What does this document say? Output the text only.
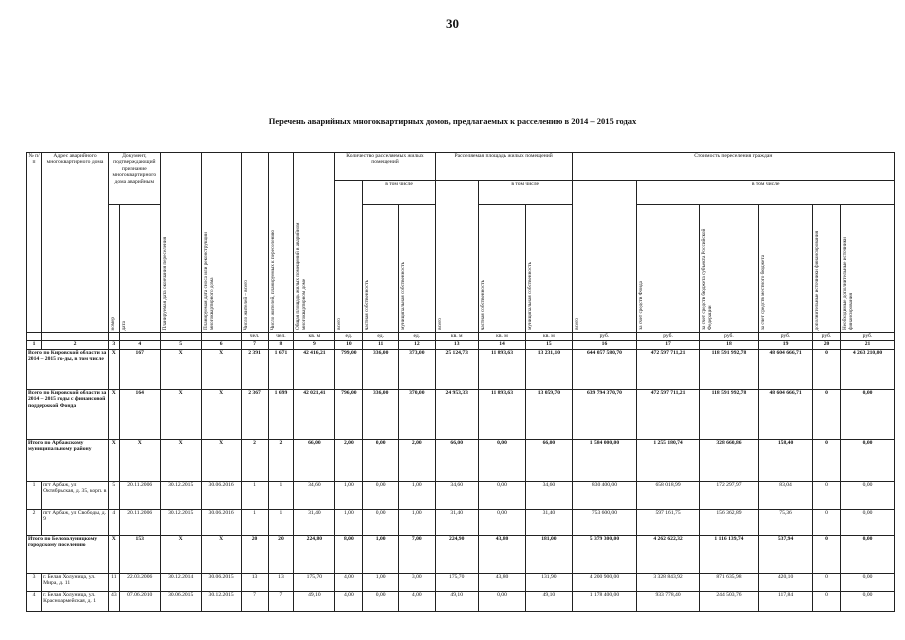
30
Перечень аварийных многоквартирных домов, предлагаемых к расселению в 2014 – 2015 годах
№ п/п	Адрес аварийного многоквартирного дома	Документ, подтверждающий признание многоквартирного дома аварийным		Планируемая дата окончания переселения	Планируемая дата сноса или реконструкции многоквартирного дома	Число жителей – всего	Число жителей, планируемых к переселению	Общая площадь жилых помещений в аварийном многоквартирном доме	Количество расселяемых жилых помещений			Расселяемая площадь жилых помещений			Стоимость переселения граждан					
									всего	в том числе		всего	в том числе		всего	в том числе				
		номер	дата							частная собственность	муниципальная собственность		частная собственность	муниципальная собственность		за счет средств Фонда	за счет средств бюджета субъекта Российской Федерации	за счет средств местного бюджета	дополнительные источники финансирования	Необходимые дополнительные источники финансирования
						чел.	чел.	кв. м	ед.	ед.	ед.	кв. м	кв. м	кв. м	руб.	руб.	руб.	руб.	руб.	руб.
1	2	3	4	5	6	7	8	9	10	11	12	13	14	15	16	17	18	19	20	21
Всего по Кировской области за 2014 – 2015 го-ды, в том числе		X	167	X	X	2 391	1 671	42 416,21	799,00	336,00	373,00	25 124,73	11 893,63	13 231,10	644 057 580,70	472 597 711,21	118 591 992,78	48 604 666,71	0	4 263 210,00
Всего по Кировской области за 2014 – 2015 годы с финансовой поддержкой Фонда		X	164	X	X	2 367	1 699	42 021,41	796,00	336,00	370,00	24 953,33	11 893,63	13 059,70	639 794 370,70	472 597 711,21	118 591 992,78	48 604 666,71	0	0,00
Итого по Арбажскому муниципальному району		X	X	X	X	2	2	66,00	2,00	0,00	2,00	66,00	0,00	66,00	1 584 000,00	1 255 180,74	328 660,86	158,40	0	0,00
1	пгт Арбаж, ул Октябрьская, д. 35, корп. в	5	20.11.2006	30.12.2015	30.06.2016	1	1	34,60	1,00	0,00	1,00	34,60	0,00	34,60	830 400,00	658 018,99	172 297,97	83,04	0	0,00
2	пгт Арбаж, ул Свободы, д. 9	4	20.11.2006	30.12.2015	30.06.2016	1	1	31,40	1,00	0,00	1,00	31,40	0,00	31,40	753 600,00	597 161,75	156 362,89	75,36	0	0,00
Итого по Белохолуницкому городскому поселению		X	153	X	X	20	20	224,80	8,00	1,00	7,00	224,90	43,80	181,00	5 379 300,00	4 262 622,32	1 116 139,74	537,94	0	0,00
3	г. Белая Холуница, ул. Мира, д. 11	11	22.03.2006	30.12.2014	30.06.2015	13	13	175,70	4,00	1,00	3,00	175,70	43,80	131,90	4 200 900,00	3 328 843,92	871 635,98	420,10	0	0,00
4	г. Белая Холуница, ул. Красноармейская, д. 1	43	07.06.2010	30.06.2015	30.12.2015	7	7	49,10	4,00	0,00	4,00	49,10	0,00	49,10	1 178 400,00	933 778,40	244 503,76	117,84	0	0,00
